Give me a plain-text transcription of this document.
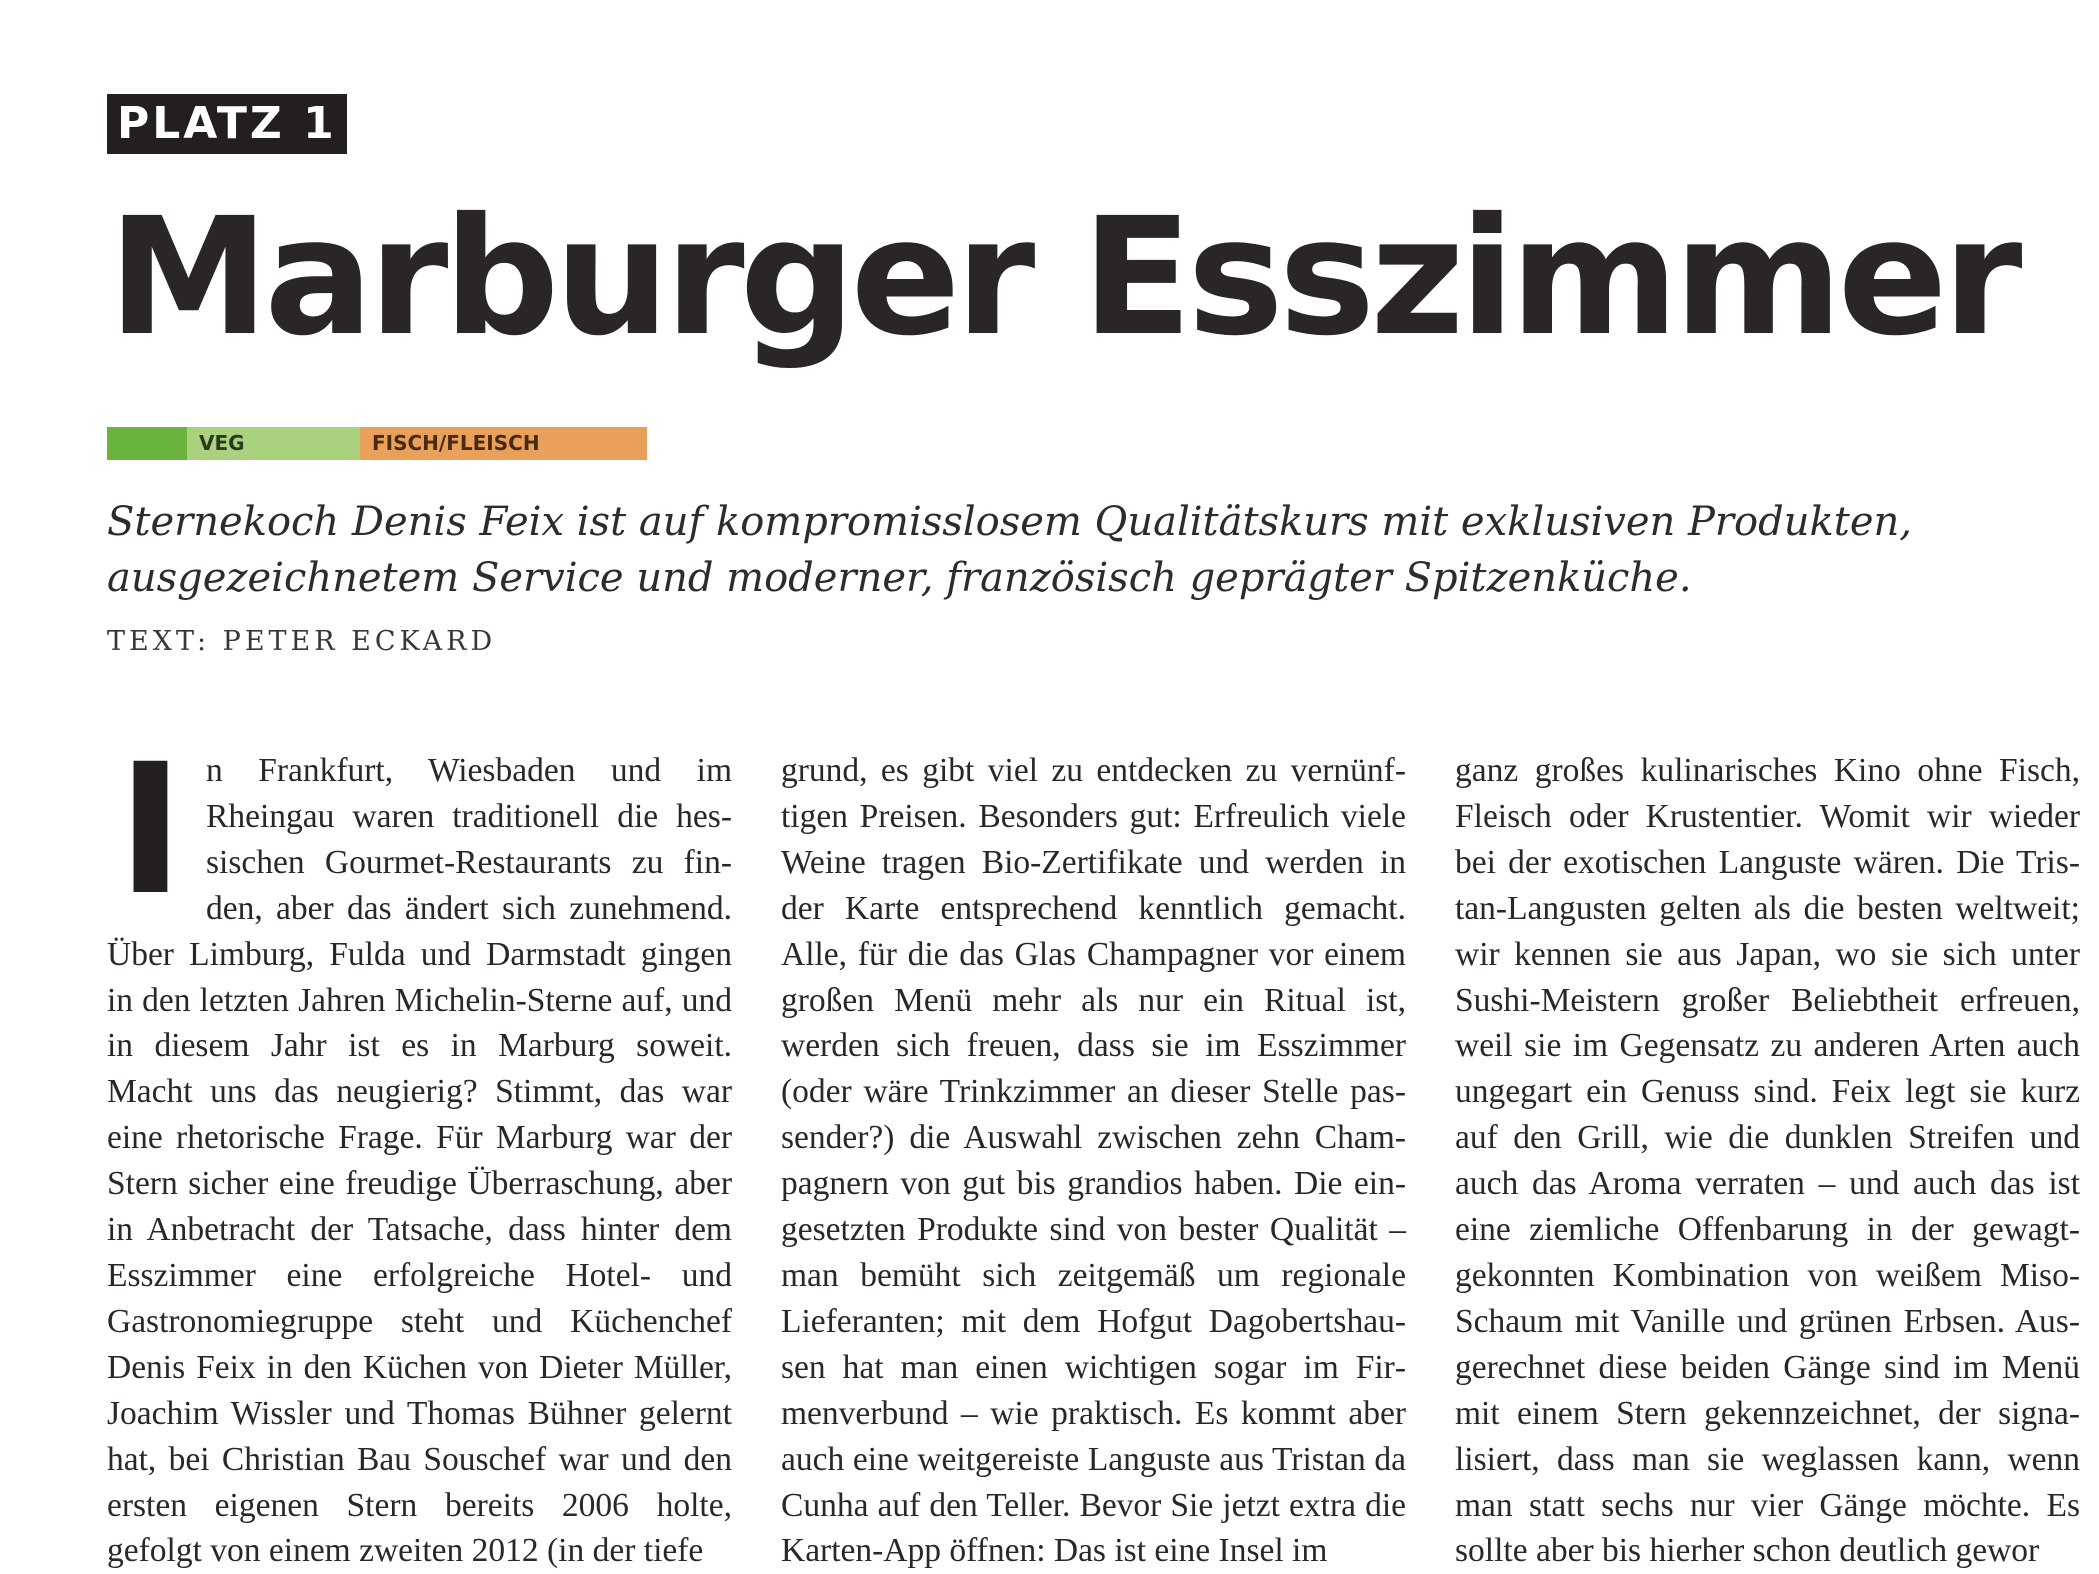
PLATZ 1
Marburger Esszimmer
VEG	FISCH/FLEISCH

Sternekoch Denis Feix ist auf kompromisslosem Qualitätskurs mit exklusiven Produkten, ausgezeichnetem Service und moderner, französisch geprägter Spitzenküche.

TEXT: PETER ECKARD

In Frankfurt, Wiesbaden und im Rheingau waren traditionell die hessischen Gourmet-Restaurants zu finden, aber das ändert sich zunehmend. Über Limburg, Fulda und Darmstadt gingen in den letzten Jahren Michelin-Sterne auf, und in diesem Jahr ist es in Marburg soweit. Macht uns das neugierig? Stimmt, das war eine rhetorische Frage. Für Marburg war der Stern sicher eine freudige Überraschung, aber in Anbetracht der Tatsache, dass hinter dem Esszimmer eine erfolgreiche Hotel- und Gastronomiegruppe steht und Küchenchef Denis Feix in den Küchen von Dieter Müller, Joachim Wissler und Thomas Bühner gelernt hat, bei Christian Bau Souschef war und den ersten eigenen Stern bereits 2006 holte, gefolgt von einem zweiten 2012 (in der tiefe

grund, es gibt viel zu entdecken zu vernünftigen Preisen. Besonders gut: Erfreulich viele Weine tragen Bio-Zertifikate und werden in der Karte entsprechend kenntlich gemacht. Alle, für die das Glas Champagner vor einem großen Menü mehr als nur ein Ritual ist, werden sich freuen, dass sie im Esszimmer (oder wäre Trinkzimmer an dieser Stelle passender?) die Auswahl zwischen zehn Champagnern von gut bis grandios haben. Die eingesetzten Produkte sind von bester Qualität – man bemüht sich zeitgemäß um regionale Lieferanten; mit dem Hofgut Dagobertshausen hat man einen wichtigen sogar im Firmenverbund – wie praktisch. Es kommt aber auch eine weitgereiste Languste aus Tristan da Cunha auf den Teller. Bevor Sie jetzt extra die Karten-App öffnen: Das ist eine Insel im

ganz großes kulinarisches Kino ohne Fisch, Fleisch oder Krustentier. Womit wir wieder bei der exotischen Languste wären. Die Tristan-Langusten gelten als die besten weltweit; wir kennen sie aus Japan, wo sie sich unter Sushi-Meistern großer Beliebtheit erfreuen, weil sie im Gegensatz zu anderen Arten auch ungegart ein Genuss sind. Feix legt sie kurz auf den Grill, wie die dunklen Streifen und auch das Aroma verraten – und auch das ist eine ziemliche Offenbarung in der gewagt-gekonnten Kombination von weißem MisoSchaum mit Vanille und grünen Erbsen. Ausgerechnet diese beiden Gänge sind im Menü mit einem Stern gekennzeichnet, der signalisiert, dass man sie weglassen kann, wenn man statt sechs nur vier Gänge möchte. Es sollte aber bis hierher schon deutlich gewor
